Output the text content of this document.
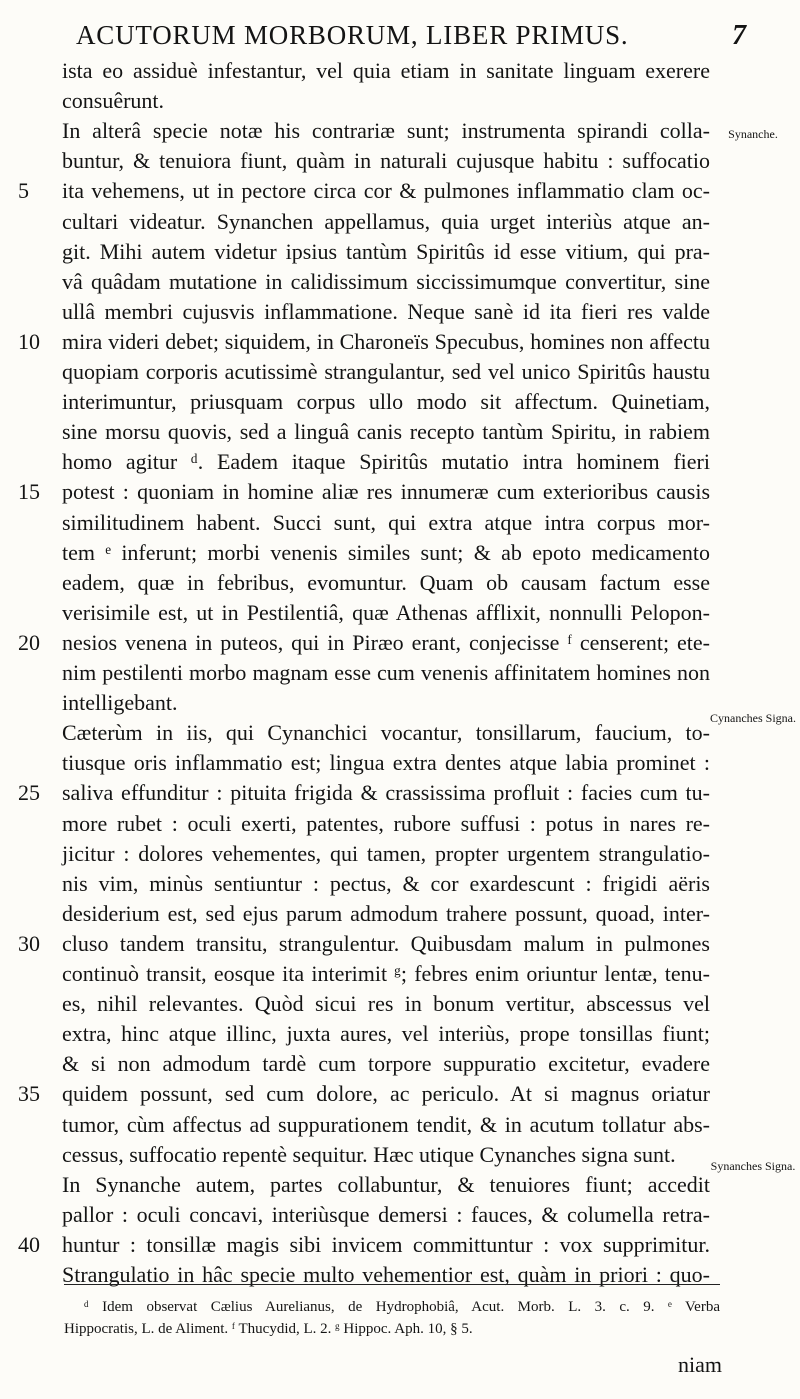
ACUTORUM MORBORUM, LIBER PRIMUS.	7
ista eo assiduè infestantur, vel quia etiam in sanitate linguam exerere
consuêrunt.
In alterâ specie notæ his contrariæ sunt; instrumenta spirandi colla-
buntur, & tenuiora fiunt, quàm in naturali cujusque habitu : suffocatio
5	ita vehemens, ut in pectore circa cor & pulmones inflammatio clam oc-
cultari videatur. Synanchen appellamus, quia urget interiùs atque an-
git. Mihi autem videtur ipsius tantùm Spiritûs id esse vitium, qui pra-
vâ quâdam mutatione in calidissimum siccissimumque convertitur, sine
ullâ membri cujusvis inflammatione. Neque sanè id ita fieri res valde
10	mira videri debet; siquidem, in Charoneïs Specubus, homines non affectu
quopiam corporis acutissimè strangulantur, sed vel unico Spiritûs haustu
interimuntur, priusquam corpus ullo modo sit affectum. Quinetiam,
sine morsu quovis, sed a linguâ canis recepto tantùm Spiritu, in rabiem
homo agitur ᵈ. Eadem itaque Spiritûs mutatio intra hominem fieri
15	potest : quoniam in homine aliæ res innumeræ cum exterioribus causis
similitudinem habent. Succi sunt, qui extra atque intra corpus mor-
tem ᵉ inferunt; morbi venenis similes sunt; & ab epoto medicamento
eadem, quæ in febribus, evomuntur. Quam ob causam factum esse
verisimile est, ut in Pestilentiâ, quæ Athenas afflixit, nonnulli Pelopon-
20	nesios venena in puteos, qui in Piræo erant, conjecisse ᶠ censerent; ete-
nim pestilenti morbo magnam esse cum venenis affinitatem homines non
intelligebant.
Cæterùm in iis, qui Cynanchici vocantur, tonsillarum, faucium, to-
tiusque oris inflammatio est; lingua extra dentes atque labia prominet :
25	saliva effunditur : pituita frigida & crassissima profluit : facies cum tu-
more rubet : oculi exerti, patentes, rubore suffusi : potus in nares re-
jicitur : dolores vehementes, qui tamen, propter urgentem strangulatio-
nis vim, minùs sentiuntur : pectus, & cor exardescunt : frigidi aëris
desiderium est, sed ejus parum admodum trahere possunt, quoad, inter-
30	cluso tandem transitu, strangulentur. Quibusdam malum in pulmones
continuò transit, eosque ita interimit ᵍ; febres enim oriuntur lentæ, tenu-
es, nihil relevantes. Quòd sicui res in bonum vertitur, abscessus vel
extra, hinc atque illinc, juxta aures, vel interiùs, prope tonsillas fiunt;
& si non admodum tardè cum torpore suppuratio excitetur, evadere
35	quidem possunt, sed cum dolore, ac periculo. At si magnus oriatur
tumor, cùm affectus ad suppurationem tendit, & in acutum tollatur abs-
cessus, suffocatio repentè sequitur. Hæc utique Cynanches signa sunt.
In Synanche autem, partes collabuntur, & tenuiores fiunt; accedit
pallor : oculi concavi, interiùsque demersi : fauces, & columella retra-
40	huntur : tonsillæ magis sibi invicem committuntur : vox supprimitur.
Strangulatio in hâc specie multo vehementior est, quàm in priori : quo-
Synanche.
Cynanches Signa.
Synanches Signa.
ᵈ Idem observat Cælius Aurelianus, de Hydrophobiâ, Acut. Morb. L. 3. c. 9. ᵉ Verba
Hippocratis, L. de Aliment. ᶠ Thucydid, L. 2. ᵍ Hippoc. Aph. 10, § 5.
niam
